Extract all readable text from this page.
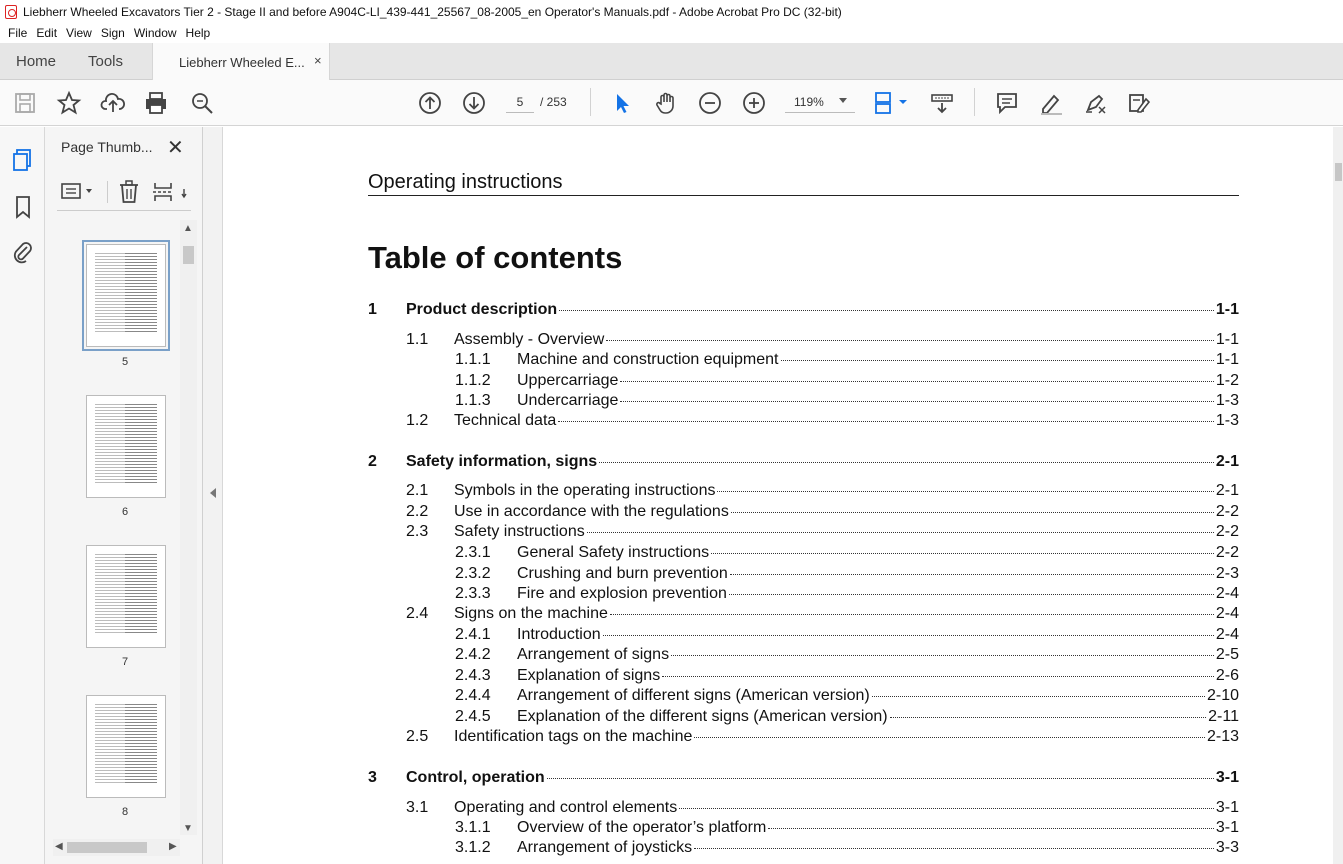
Liebherr Wheeled Excavators Tier 2 - Stage II and before A904C-LI_439-441_25567_08-2005_en Operator's Manuals.pdf - Adobe Acrobat Pro DC (32-bit)
File Edit View Sign Window Help
Home Tools	Liebherr Wheeled E... ×
5
/ 253	119%
Page Thumb... ✕
5
6
7
8
▲
▼
◀	▶
Operating instructions
Table of contents
1 Product description	1-1
1.1 Assembly - Overview	1-1
1.1.1 Machine and construction equipment	1-1
1.1.2 Uppercarriage	1-2
1.1.3 Undercarriage	1-3
1.2 Technical data	1-3
2 Safety information, signs	2-1
2.1 Symbols in the operating instructions	2-1
2.2 Use in accordance with the regulations	2-2
2.3 Safety instructions	2-2
2.3.1 General Safety instructions	2-2
2.3.2 Crushing and burn prevention	2-3
2.3.3 Fire and explosion prevention	2-4
2.4 Signs on the machine	2-4
2.4.1 Introduction	2-4
2.4.2 Arrangement of signs	2-5
2.4.3 Explanation of signs	2-6
2.4.4 Arrangement of different signs (American version)	2-10
2.4.5 Explanation of the different signs (American version)	2-11
2.5 Identification tags on the machine	2-13
3 Control, operation	3-1
3.1 Operating and control elements	3-1
3.1.1 Overview of the operator’s platform	3-1
3.1.2 Arrangement of joysticks	3-3
